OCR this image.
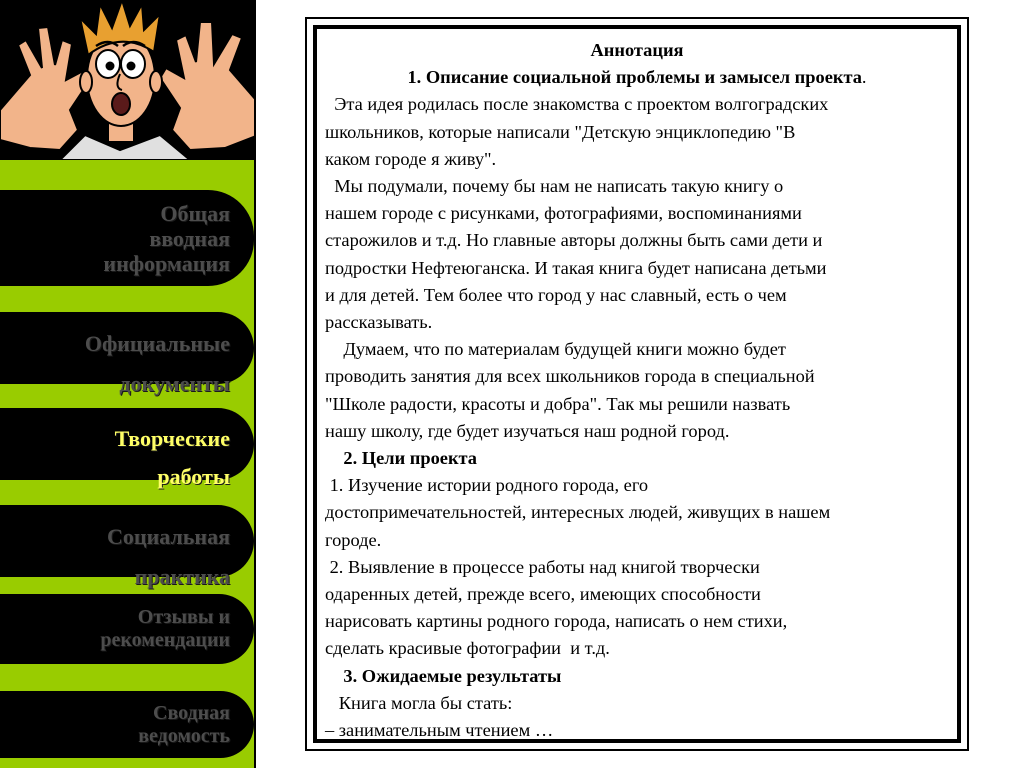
Общая
вводная
информация
Официальные
документы
Творческие
работы
Социальная
практика
Отзывы и
рекомендации
Сводная
ведомость
Аннотация
1. Описание социальной проблемы и замысел проекта.
Эта идея родилась после знакомства с проектом волгоградских
школьников, которые написали "Детскую энциклопедию "В
каком городе я живу".
Мы подумали, почему бы нам не написать такую книгу о
нашем городе с рисунками, фотографиями, воспоминаниями
старожилов и т.д. Но главные авторы должны быть сами дети и
подростки Нефтеюганска. И такая книга будет написана детьми
и для детей. Тем более что город у нас славный, есть о чем
рассказывать.
Думаем, что по материалам будущей книги можно будет
проводить занятия для всех школьников города в специальной
"Школе радости, красоты и добра". Так мы решили назвать
нашу школу, где будет изучаться наш родной город.
2. Цели проекта
1. Изучение истории родного города, его
достопримечательностей, интересных людей, живущих в нашем
городе.
2. Выявление в процессе работы над книгой творчески
одаренных детей, прежде всего, имеющих способности
нарисовать картины родного города, написать о нем стихи,
сделать красивые фотографии  и т.д.
3. Ожидаемые результаты
Книга могла бы стать:
– занимательным чтением …
